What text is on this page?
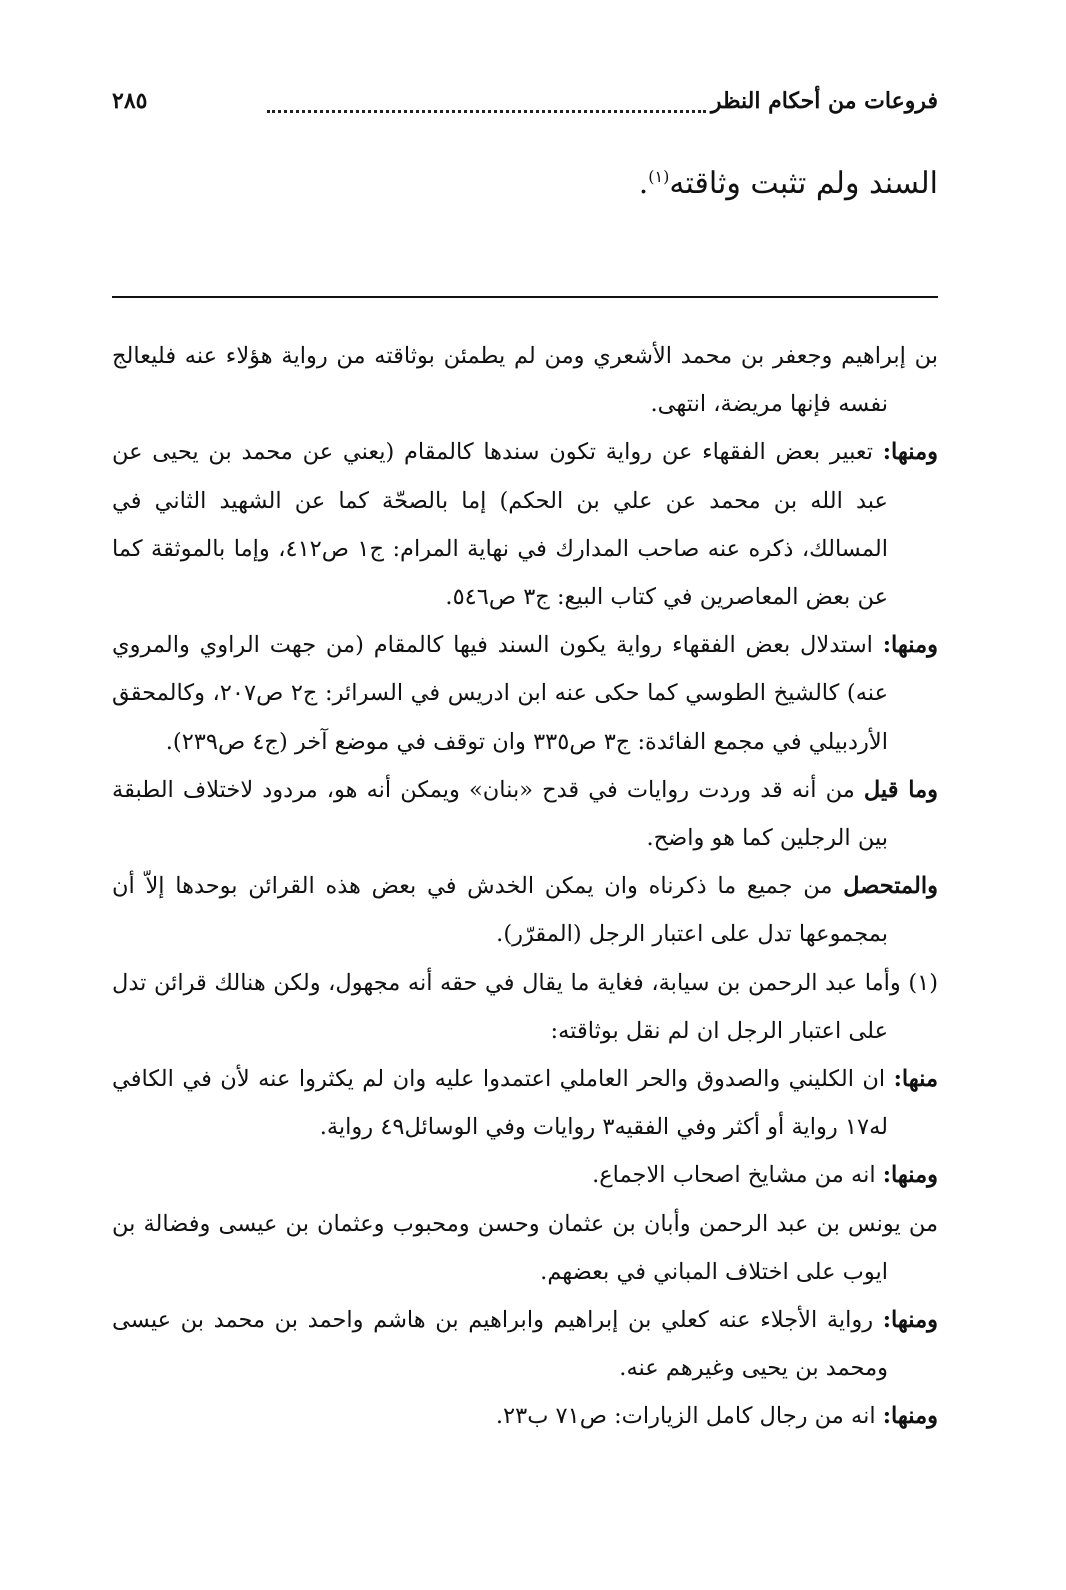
فروعات من أحكام النظر
٢٨٥
السند ولم تثبت وثاقته$^{(١)}$.

بن إبراهيم وجعفر بن محمد الأشعري ومن لم يطمئن بوثاقته من رواية هؤلاء عنه فليعالج نفسه فإنها مريضة، انتهى.

ومنها: تعبير بعض الفقهاء عن رواية تكون سندها كالمقام (يعني عن محمد بن يحيى عن عبد الله بن محمد عن علي بن الحكم) إما بالصحّة كما عن الشهيد الثاني في المسالك، ذكره عنه صاحب المدارك في نهاية المرام: ج١ ص٤١٢، وإما بالموثقة كما عن بعض المعاصرين في كتاب البيع: ج٣ ص٥٤٦.

ومنها: استدلال بعض الفقهاء رواية يكون السند فيها كالمقام (من جهت الراوي والمروي عنه) كالشيخ الطوسي كما حكى عنه ابن ادريس في السرائر: ج٢ ص٢٠٧، وكالمحقق الأردبيلي في مجمع الفائدة: ج٣ ص٣٣٥ وان توقف في موضع آخر (ج٤ ص٢٣٩).

وما قيل من أنه قد وردت روايات في قدح «بنان» ويمكن أنه هو، مردود لاختلاف الطبقة بين الرجلين كما هو واضح.

والمتحصل من جميع ما ذكرناه وان يمكن الخدش في بعض هذه القرائن بوحدها إلاّ أن بمجموعها تدل على اعتبار الرجل (المقرّر).

(١) وأما عبد الرحمن بن سيابة، فغاية ما يقال في حقه أنه مجهول، ولكن هنالك قرائن تدل على اعتبار الرجل ان لم نقل بوثاقته:

منها: ان الكليني والصدوق والحر العاملي اعتمدوا عليه وان لم يكثروا عنه لأن في الكافي له١٧ رواية أو أكثر وفي الفقيه٣ روايات وفي الوسائل٤٩ رواية.

ومنها: انه من مشايخ اصحاب الاجماع.

من يونس بن عبد الرحمن وأبان بن عثمان وحسن ومحبوب وعثمان بن عيسى وفضالة بن ايوب على اختلاف المباني في بعضهم.

ومنها: رواية الأجلاء عنه كعلي بن إبراهيم وابراهيم بن هاشم واحمد بن محمد بن عيسى ومحمد بن يحيى وغيرهم عنه.

ومنها: انه من رجال كامل الزيارات: ص٧١ ب٢٣.
